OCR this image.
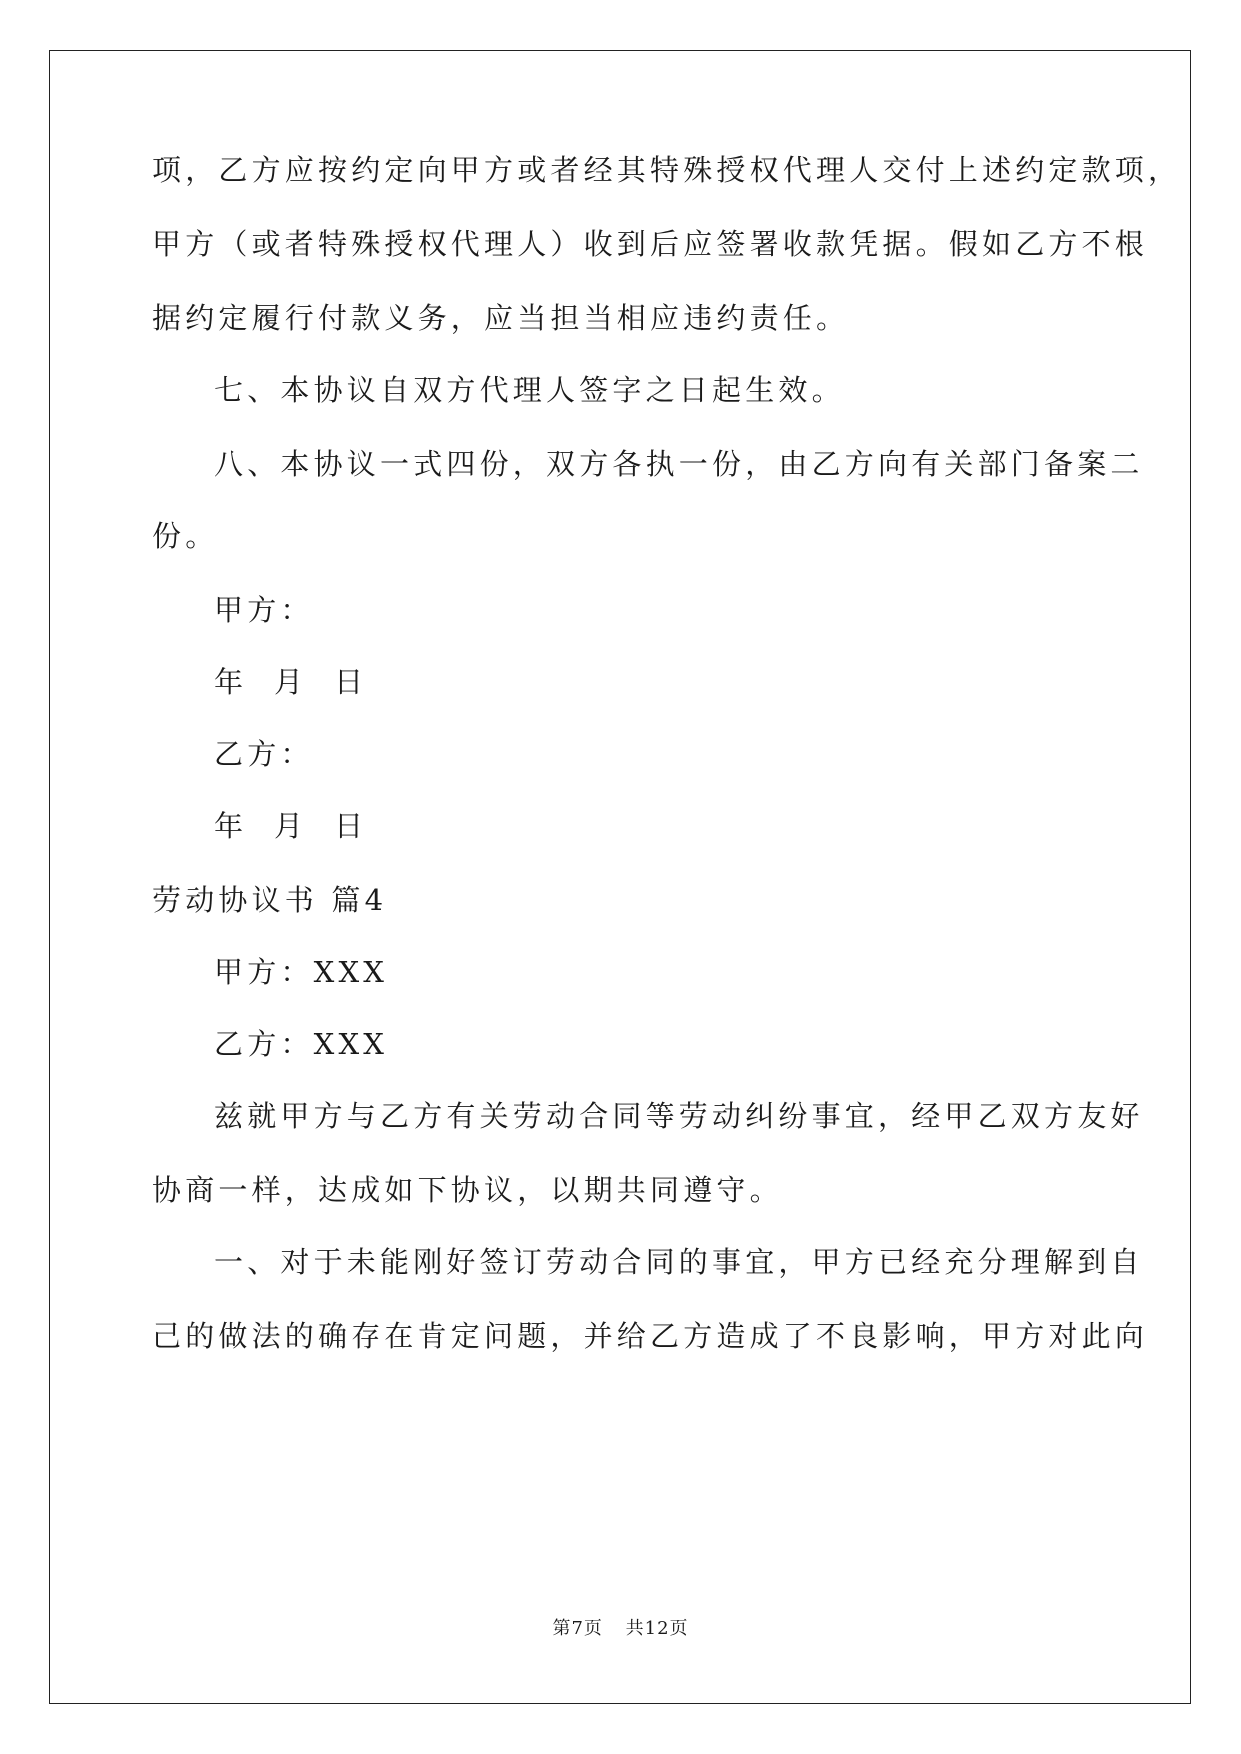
项，乙方应按约定向甲方或者经其特殊授权代理人交付上述约定款项，
甲方（或者特殊授权代理人）收到后应签署收款凭据。假如乙方不根
据约定履行付款义务，应当担当相应违约责任。
七、本协议自双方代理人签字之日起生效。
八、本协议一式四份，双方各执一份，由乙方向有关部门备案二
份。
甲方：
年  月  日
乙方：
年  月  日
劳动协议书 篇4
甲方：XXX
乙方：XXX
兹就甲方与乙方有关劳动合同等劳动纠纷事宜，经甲乙双方友好
协商一样，达成如下协议，以期共同遵守。
一、对于未能刚好签订劳动合同的事宜，甲方已经充分理解到自
己的做法的确存在肯定问题，并给乙方造成了不良影响，甲方对此向
第7页 共12页
